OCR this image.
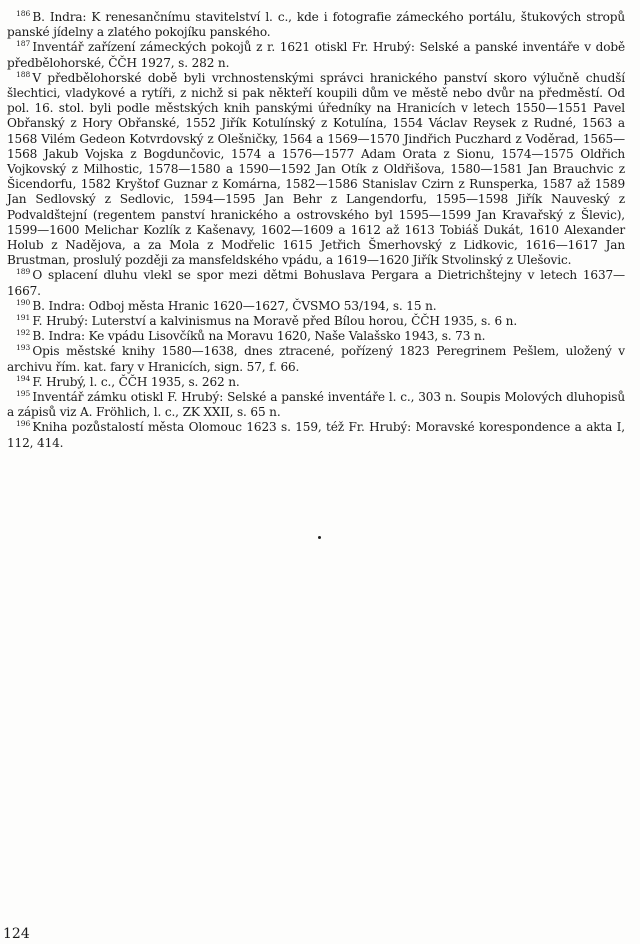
$^{186}$ B. Indra: K renesančnímu stavitelství l. c., kde i fotografie zámeckého portálu, štukových stropů panské jídelny a zlatého pokojíku panského.

$^{187}$ Inventář zařízení zámeckých pokojů z r. 1621 otiskl Fr. Hrubý: Selské a panské inventáře v době předbělohorské, ČČH 1927, s. 282 n.

$^{188}$ V předbělohorské době byli vrchnostenskými správci hranického panství skoro výlučně chudší šlechtici, vladykové a rytíři, z nichž si pak někteří koupili dům ve městě nebo dvůr na předměstí. Od pol. 16. stol. byli podle městských knih panskými úředníky na Hranicích v letech 1550—1551 Pavel Obřanský z Hory Obřanské, 1552 Jiřík Kotulínský z Kotulína, 1554 Václav Reysek z Rudné, 1563 a 1568 Vilém Gedeon Kotvrdovský z Olešničky, 1564 a 1569—1570 Jindřich Puczhard z Voděrad, 1565—1568 Jakub Vojska z Bogdunčovic, 1574 a 1576—1577 Adam Orata z Sionu, 1574—1575 Oldřich Vojkovský z Milhostic, 1578—1580 a 1590—1592 Jan Otík z Oldřišova, 1580—1581 Jan Brauchvic z Šicendorfu, 1582 Kryštof Guznar z Komárna, 1582—1586 Stanislav Czirn z Runsperka, 1587 až 1589 Jan Sedlovský z Sedlovic, 1594—1595 Jan Behr z Langendorfu, 1595—1598 Jiřík Nauveský z Podvaldštejní (regentem panství hranického a ostrovského byl 1595—1599 Jan Kravařský z Šlevic), 1599—1600 Melichar Kozlík z Kašenavy, 1602—1609 a 1612 až 1613 Tobiáš Dukát, 1610 Alexander Holub z Nadějova, a za Mola z Modřelic 1615 Jetřich Šmerhovský z Lidkovic, 1616—1617 Jan Brustman, proslulý později za mansfeldského vpádu, a 1619—1620 Jiřík Stvolinský z Ulešovic.

$^{189}$ O splacení dluhu vlekl se spor mezi dětmi Bohuslava Pergara a Dietrichštejny v letech 1637—1667.

$^{190}$ B. Indra: Odboj města Hranic 1620—1627, ČVSMO 53/194, s. 15 n.

$^{191}$ F. Hrubý: Luterství a kalvinismus na Moravě před Bílou horou, ČČH 1935, s. 6 n.

$^{192}$ B. Indra: Ke vpádu Lisovčíků na Moravu 1620, Naše Valašsko 1943, s. 73 n.

$^{193}$ Opis městské knihy 1580—1638, dnes ztracené, pořízený 1823 Peregrinem Pešlem, uložený v archivu řím. kat. fary v Hranicích, sign. 57, f. 66.

$^{194}$ F. Hrubý, l. c., ČČH 1935, s. 262 n.

$^{195}$ Inventář zámku otiskl F. Hrubý: Selské a panské inventáře l. c., 303 n. Soupis Molových dluhopisů a zápisů viz A. Fröhlich, l. c., ZK XXII, s. 65 n.

$^{196}$ Kniha pozůstalostí města Olomouc 1623 s. 159, též Fr. Hrubý: Moravské korespondence a akta I, 112, 414.

124
